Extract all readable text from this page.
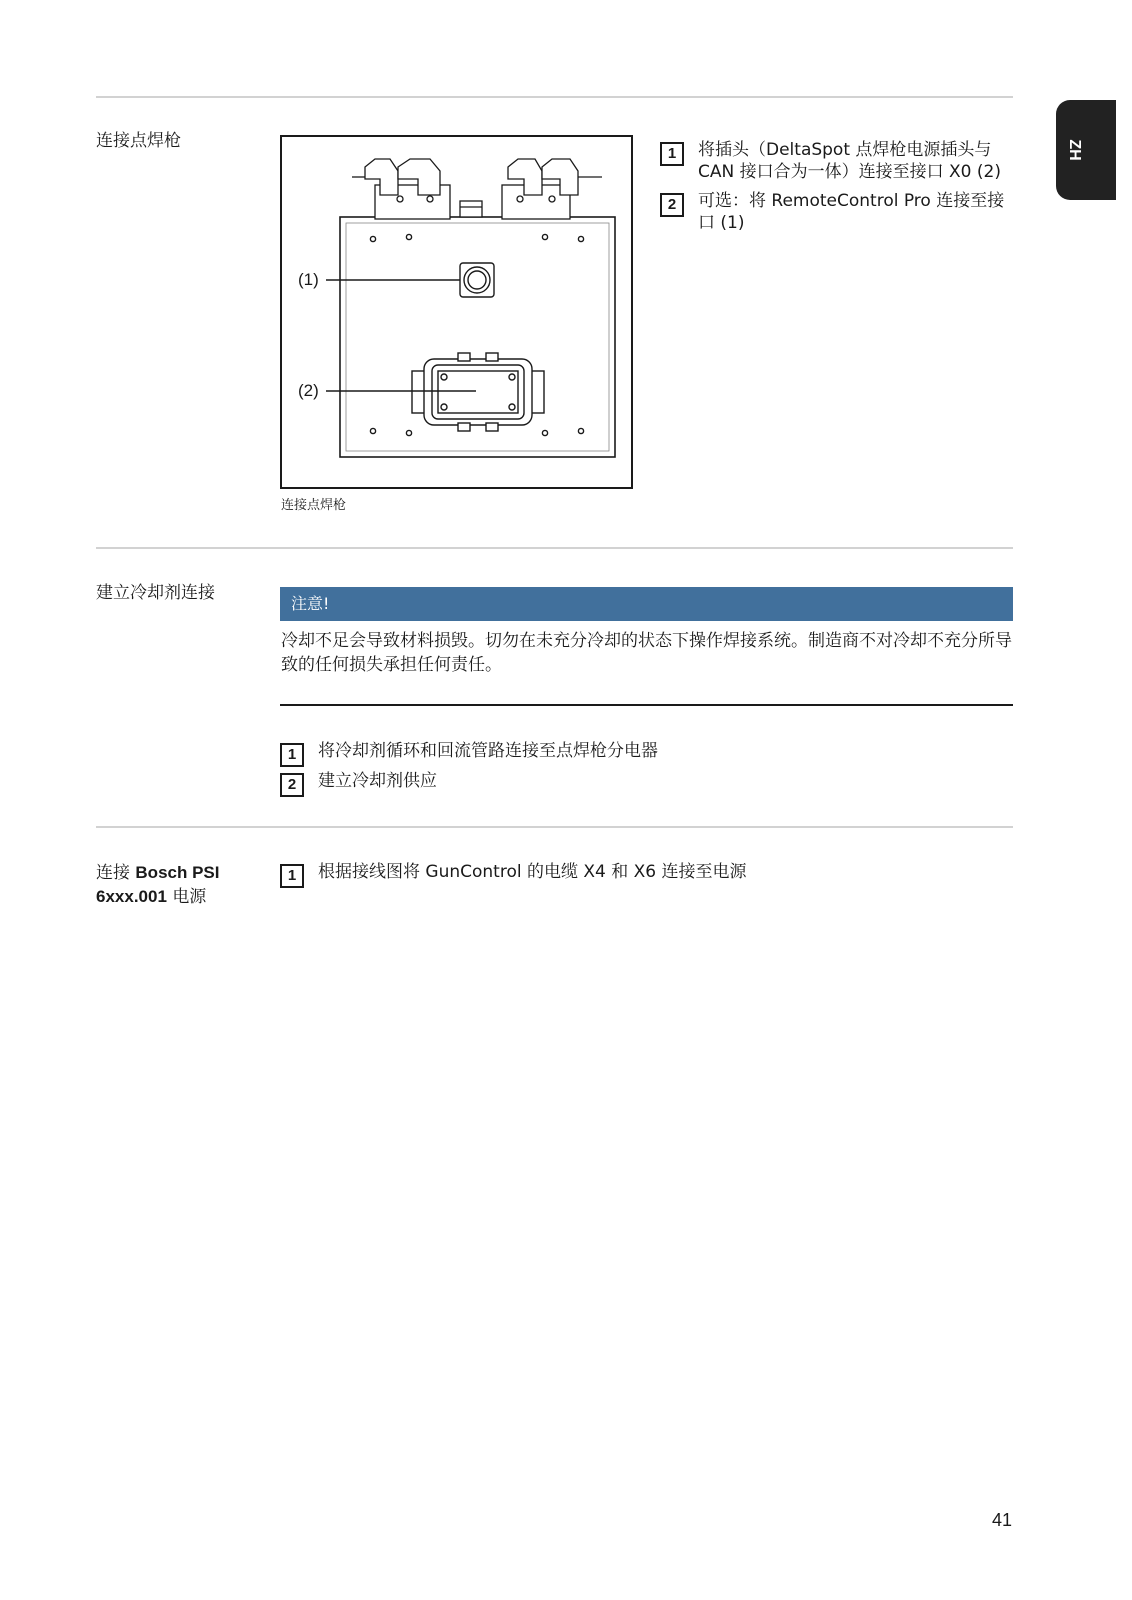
ZH
连接点焊枪
(1)
(2)
连接点焊枪
1	将插头（DeltaSpot 点焊枪电源插头与 CAN 接口合为一体）连接至接口 X0 (2)
2	可选：将 RemoteControl Pro 连接至接口 (1)
建立冷却剂连接
注意!
冷却不足会导致材料损毁。切勿在未充分冷却的状态下操作焊接系统。制造商不对冷却不充分所导致的任何损失承担任何责任。
1	将冷却剂循环和回流管路连接至点焊枪分电器
2	建立冷却剂供应
连接 Bosch PSI 6xxx.001 电源
1	根据接线图将 GunControl 的电缆 X4 和 X6 连接至电源
41
